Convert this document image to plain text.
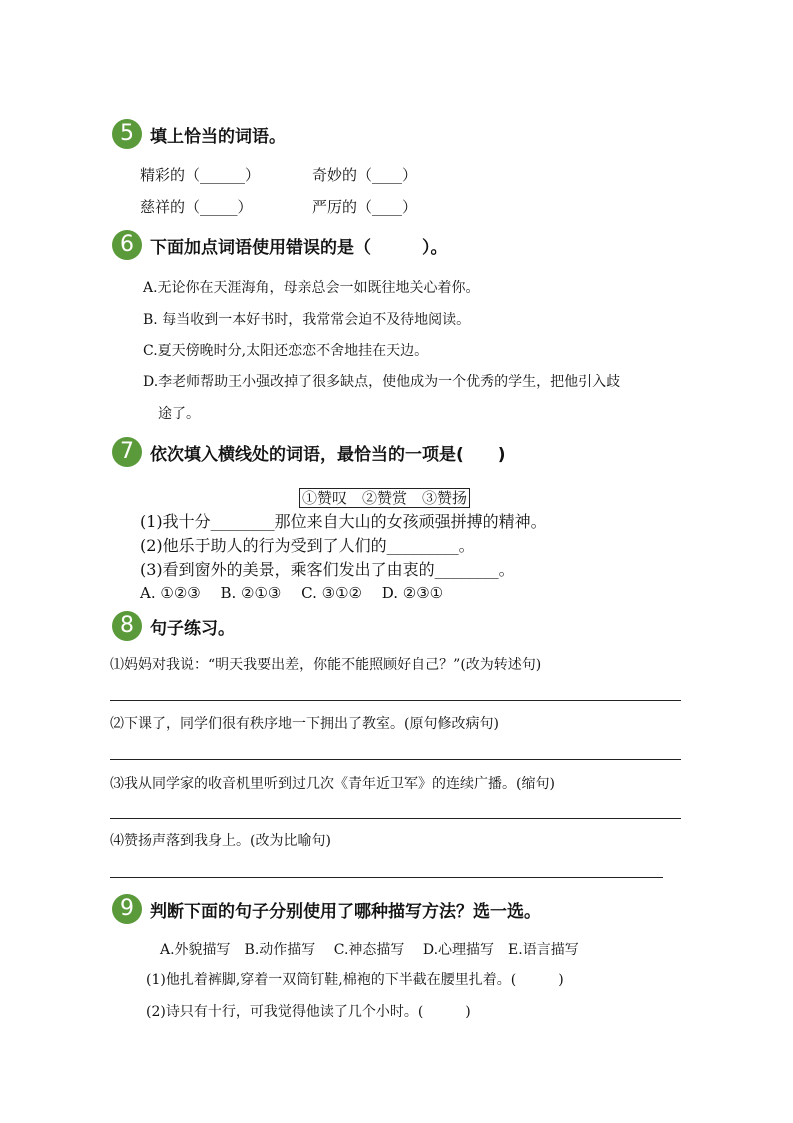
5 填上恰当的词语。
精彩的（______）	奇妙的（____）
慈祥的（_____）	严厉的（____）
6 下面加点词语使用错误的是（　　　）。
A.无论你在天涯海角，母亲总会一如既往地关心着你。
B. 每当收到一本好书时，我常常会迫不及待地阅读。
C.夏天傍晚时分,太阳还恋恋不舍地挂在天边。
D.李老师帮助王小强改掉了很多缺点，使他成为一个优秀的学生，把他引入歧
途了。
7 依次填入横线处的词语，最恰当的一项是(　　)
①赞叹　②赞赏　③赞扬
(1)我十分________那位来自大山的女孩顽强拼搏的精神。
(2)他乐于助人的行为受到了人们的_________。
(3)看到窗外的美景，乘客们发出了由衷的________。
A. ①②③　 B. ②①③　 C. ③①②　 D. ②③①
8 句子练习。
⑴妈妈对我说：“明天我要出差，你能不能照顾好自己？”(改为转述句)
⑵下课了，同学们很有秩序地一下拥出了教室。(原句修改病句)
⑶我从同学家的收音机里听到过几次《青年近卫军》的连续广播。(缩句)
⑷赞扬声落到我身上。(改为比喻句)
9 判断下面的句子分别使用了哪种描写方法？选一选。
A.外貌描写　B.动作描写　 C.神态描写　 D.心理描写　E.语言描写
(1)他扎着裤脚,穿着一双筒钉鞋,棉袍的下半截在腰里扎着。(　　　)
(2)诗只有十行，可我觉得他读了几个小时。(　　　)
